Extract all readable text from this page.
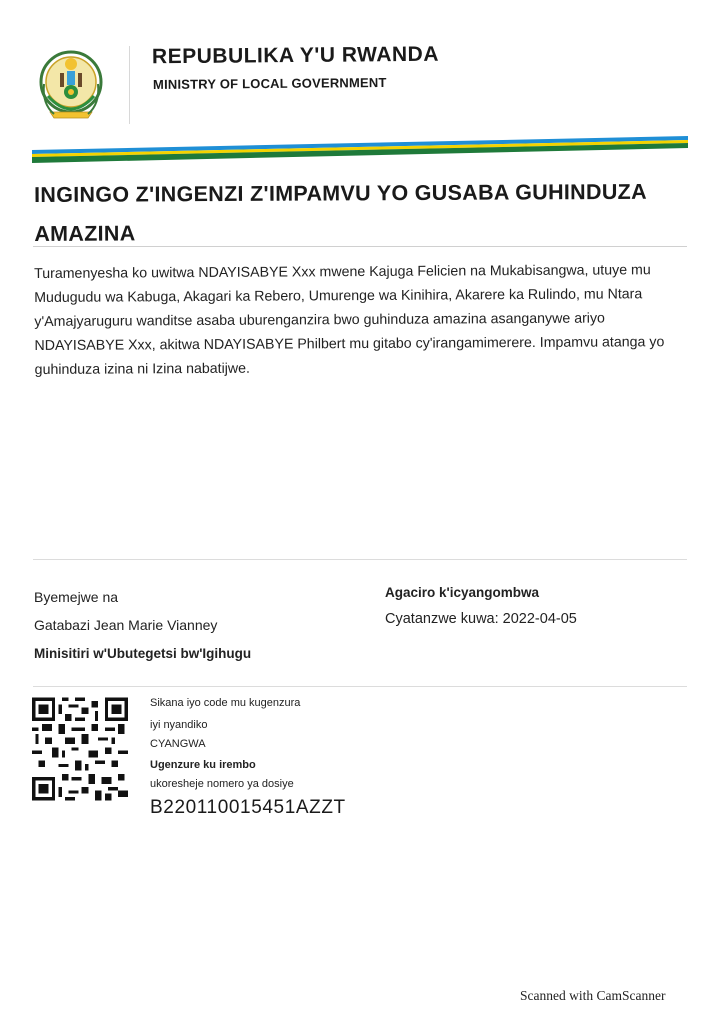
REPUBULIKA Y'U RWANDA
MINISTRY OF LOCAL GOVERNMENT
INGINGO Z'INGENZI Z'IMPAMVU YO GUSABA GUHINDUZA AMAZINA
Turamenyesha ko uwitwa NDAYISABYE Xxx mwene Kajuga Felicien na Mukabisangwa, utuye mu Mudugudu wa Kabuga, Akagari ka Rebero, Umurenge wa Kinihira, Akarere ka Rulindo, mu Ntara y'Amajyaruguru wanditse asaba uburenganzira bwo guhinduza amazina asanganywe ariyo NDAYISABYE Xxx, akitwa NDAYISABYE Philbert mu gitabo cy'irangamimerere. Impamvu atanga yo guhinduza izina ni Izina nabatijwe.
Byemejwe na
Gatabazi Jean Marie Vianney
Minisitiri w'Ubutegetsi bw'Igihugu
Agaciro k'icyangombwa
Cyatanzwe kuwa: 2022-04-05
Sikana iyo code mu kugenzura
iyi nyandiko
CYANGWA
Ugenzure ku irembo
ukoresheje nomero ya dosiye
B220110015451AZZT
Scanned with CamScanner
